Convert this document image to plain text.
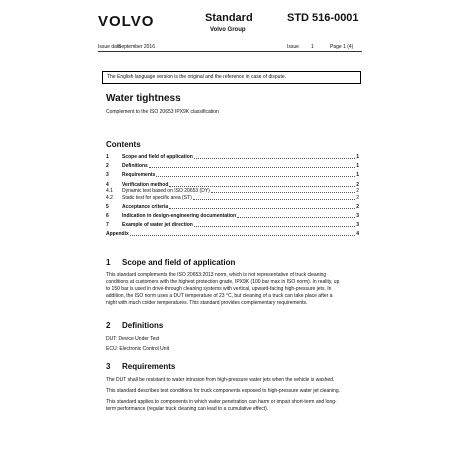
VOLVO	Standard
Volvo Group
STD 516-0001
Issue date
September 2016	Issue 1	Page 1 (4)
The English language version is the original and the reference in case of dispute.
Water tightness
Complement to the ISO 20653 IPX9K classification
Contents
1	Scope and field of application	1
2	Definitions	1
3	Requirements	1
4	Verification method	2
4.1 Dynamic test based on ISO 20653 (DY)	2
4.2 Static test for specific area (ST)	2
5	Acceptance criteria	2
6	Indication in design-engineering documentation	3
7	Example of water jet direction	3
Appendix	4
1 Scope and field of application
This standard complements the ISO 20653:2013 norm, which is not representative of truck cleaning
conditions at customers with the highest protection grade, IPX9K (100 bar max in ISO norm). In reality, up
to 150 bar is used in drive-through cleaning systems with vertical, upward-facing high-pressure jets. In
addition, the ISO norm uses a DUT temperature of 23 °C, but cleaning of a truck can take place after a
night with much colder temperatures. This standard provides complementary requirements.
2 Definitions
DUT: Device Under Test
ECU: Electronic Control Unit
3 Requirements
The DUT shall be resistant to water intrusion from high-pressure water jets when the vehicle is washed.
This standard describes test conditions for truck components exposed to high-pressure water jet cleaning.
This standard applies to components in which water penetration can harm or impair short-term and long-
term performance (regular truck cleaning can lead to a cumulative effect).
